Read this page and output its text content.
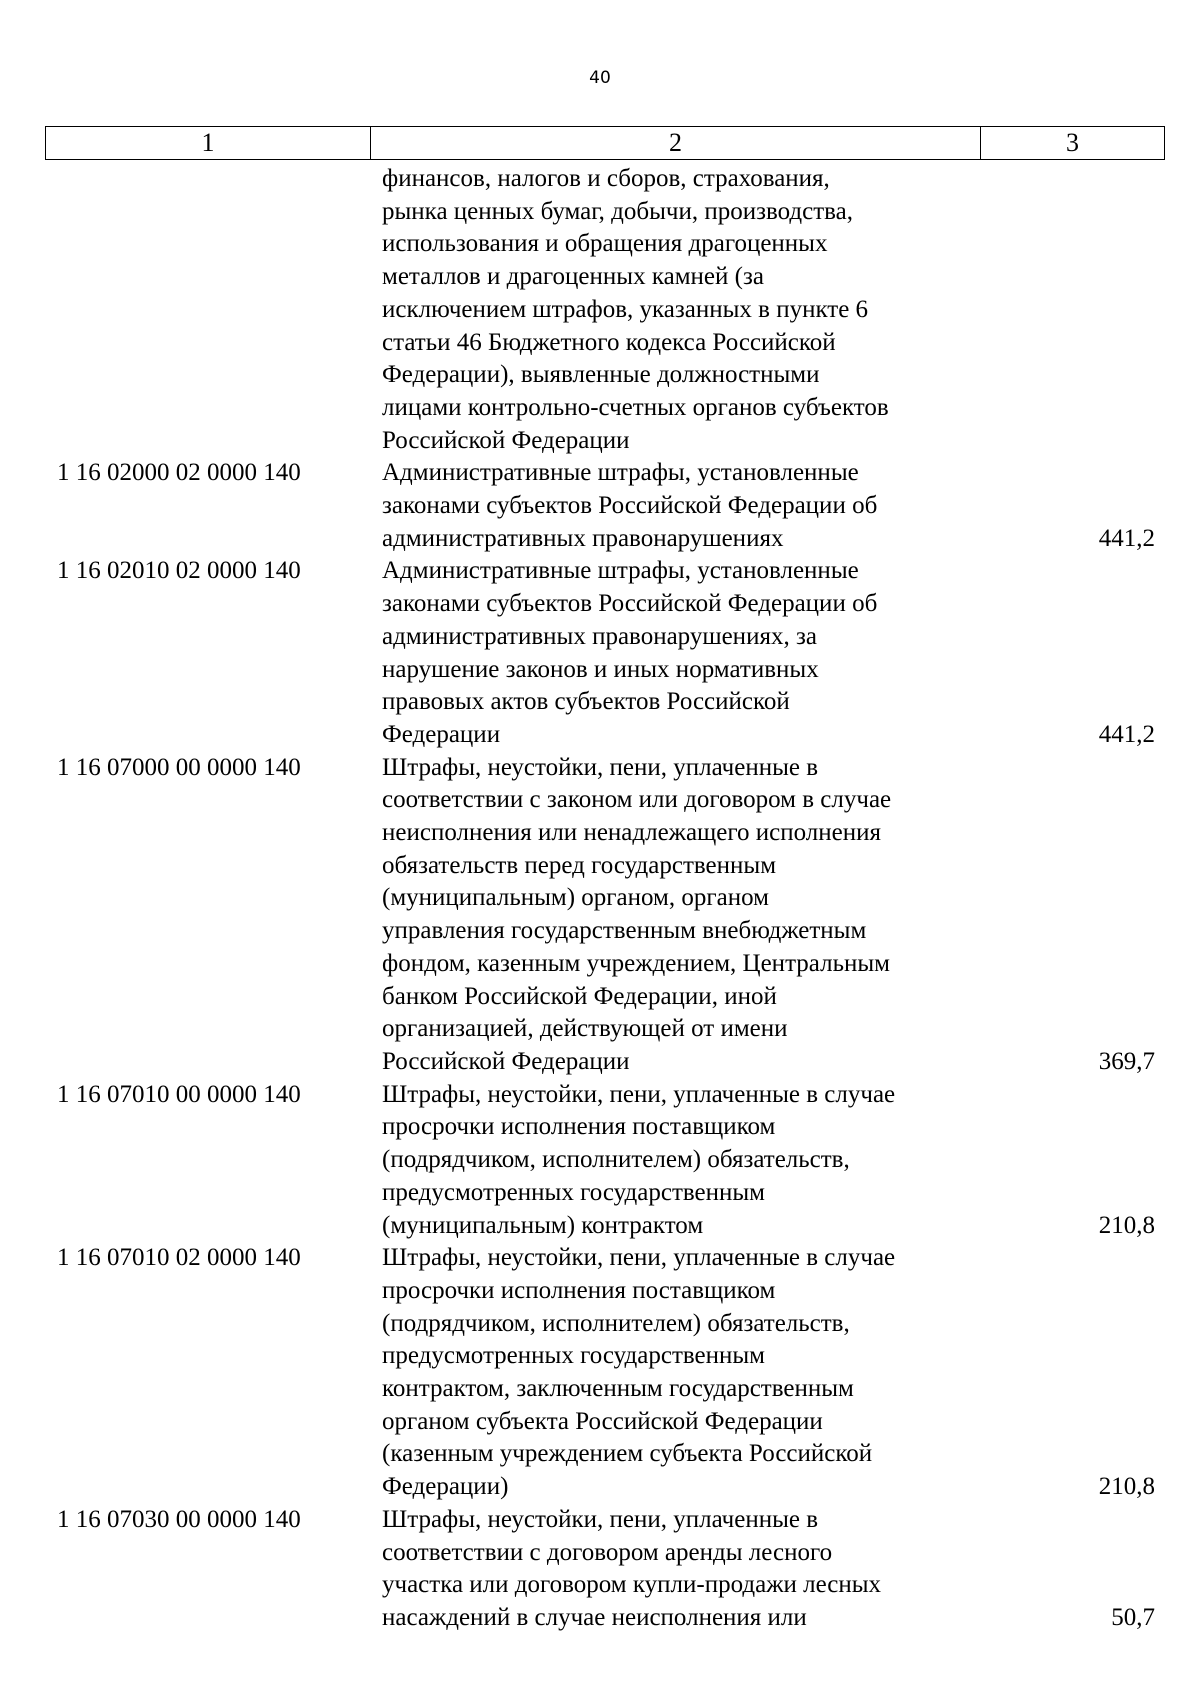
40
1	2	3
финансов, налогов и сборов, страхования,
рынка ценных бумаг, добычи, производства,
использования и обращения драгоценных
металлов и драгоценных камней (за
исключением штрафов, указанных в пункте 6
статьи 46 Бюджетного кодекса Российской
Федерации), выявленные должностными
лицами контрольно-счетных органов субъектов
Российской Федерации
1 16 02000 02 0000 140	Административные штрафы, установленные
законами субъектов Российской Федерации об
административных правонарушениях	441,2
1 16 02010 02 0000 140	Административные штрафы, установленные
законами субъектов Российской Федерации об
административных правонарушениях, за
нарушение законов и иных нормативных
правовых актов субъектов Российской
Федерации	441,2
1 16 07000 00 0000 140	Штрафы, неустойки, пени, уплаченные в
соответствии с законом или договором в случае
неисполнения или ненадлежащего исполнения
обязательств перед государственным
(муниципальным) органом, органом
управления государственным внебюджетным
фондом, казенным учреждением, Центральным
банком Российской Федерации, иной
организацией, действующей от имени
Российской Федерации	369,7
1 16 07010 00 0000 140	Штрафы, неустойки, пени, уплаченные в случае
просрочки исполнения поставщиком
(подрядчиком, исполнителем) обязательств,
предусмотренных государственным
(муниципальным) контрактом	210,8
1 16 07010 02 0000 140	Штрафы, неустойки, пени, уплаченные в случае
просрочки исполнения поставщиком
(подрядчиком, исполнителем) обязательств,
предусмотренных государственным
контрактом, заключенным государственным
органом субъекта Российской Федерации
(казенным учреждением субъекта Российской
Федерации)	210,8
1 16 07030 00 0000 140	Штрафы, неустойки, пени, уплаченные в
соответствии с договором аренды лесного
участка или договором купли-продажи лесных
насаждений в случае неисполнения или	50,7
